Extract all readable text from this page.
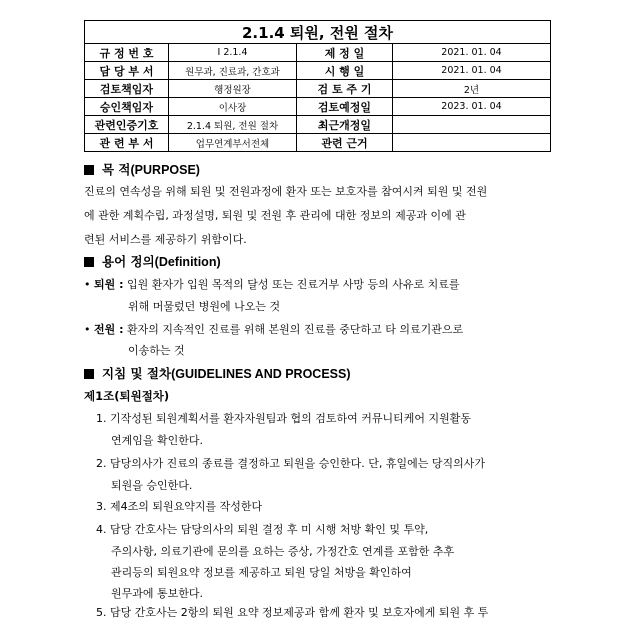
2.1.4 퇴원, 전원 절차			
규 정 번 호	I 2.1.4	제 정 일	2021. 01. 04
담 당 부 서	원무과, 진료과, 간호과	시 행 일	2021. 01. 04
검토책임자	행정원장	검 토 주 기	2년
승인책임자	이사장	검토예정일	2023. 01. 04
관련인증기호	2.1.4 퇴원, 전원 절차	최근개정일	
관 련 부 서	업무연계부서전체	관련 근거	
목 적(PURPOSE)
진료의 연속성을 위해 퇴원 및 전원과정에 환자 또는 보호자를 참여시켜 퇴원 및 전원
에 관한 계획수립, 과정설명, 퇴원 및 전원 후 관리에 대한 정보의 제공과 이에 관
련된 서비스를 제공하기 위함이다.
용어 정의(Definition)
• 퇴원 : 입원 환자가 입원 목적의 달성 또는 진료거부 사망 등의 사유로 치료를
위해 머물렀던 병원에 나오는 것
• 전원 : 환자의 지속적인 진료를 위해 본원의 진료를 중단하고 타 의료기관으로
이송하는 것
지침 및 절차(GUIDELINES AND PROCESS)
제1조(퇴원절차)
1. 기작성된 퇴원계획서를 환자자원팀과 협의 검토하여 커뮤니티케어 지원활동
연계임을 확인한다.
2. 담당의사가 진료의 종료를 결정하고 퇴원을 승인한다. 단, 휴일에는 당직의사가
퇴원을 승인한다.
3. 제4조의 퇴원요약지를 작성한다
4. 담당 간호사는 담당의사의 퇴원 결정 후 미 시행 처방 확인 및 투약,
주의사항, 의료기관에 문의를 요하는 증상, 가정간호 연계를 포함한 추후
관리등의 퇴원요약 정보를 제공하고 퇴원 당일 처방을 확인하여
원무과에 통보한다.
5. 담당 간호사는 2항의 퇴원 요약 정보제공과 함께 환자 및 보호자에게 퇴원 후 투
